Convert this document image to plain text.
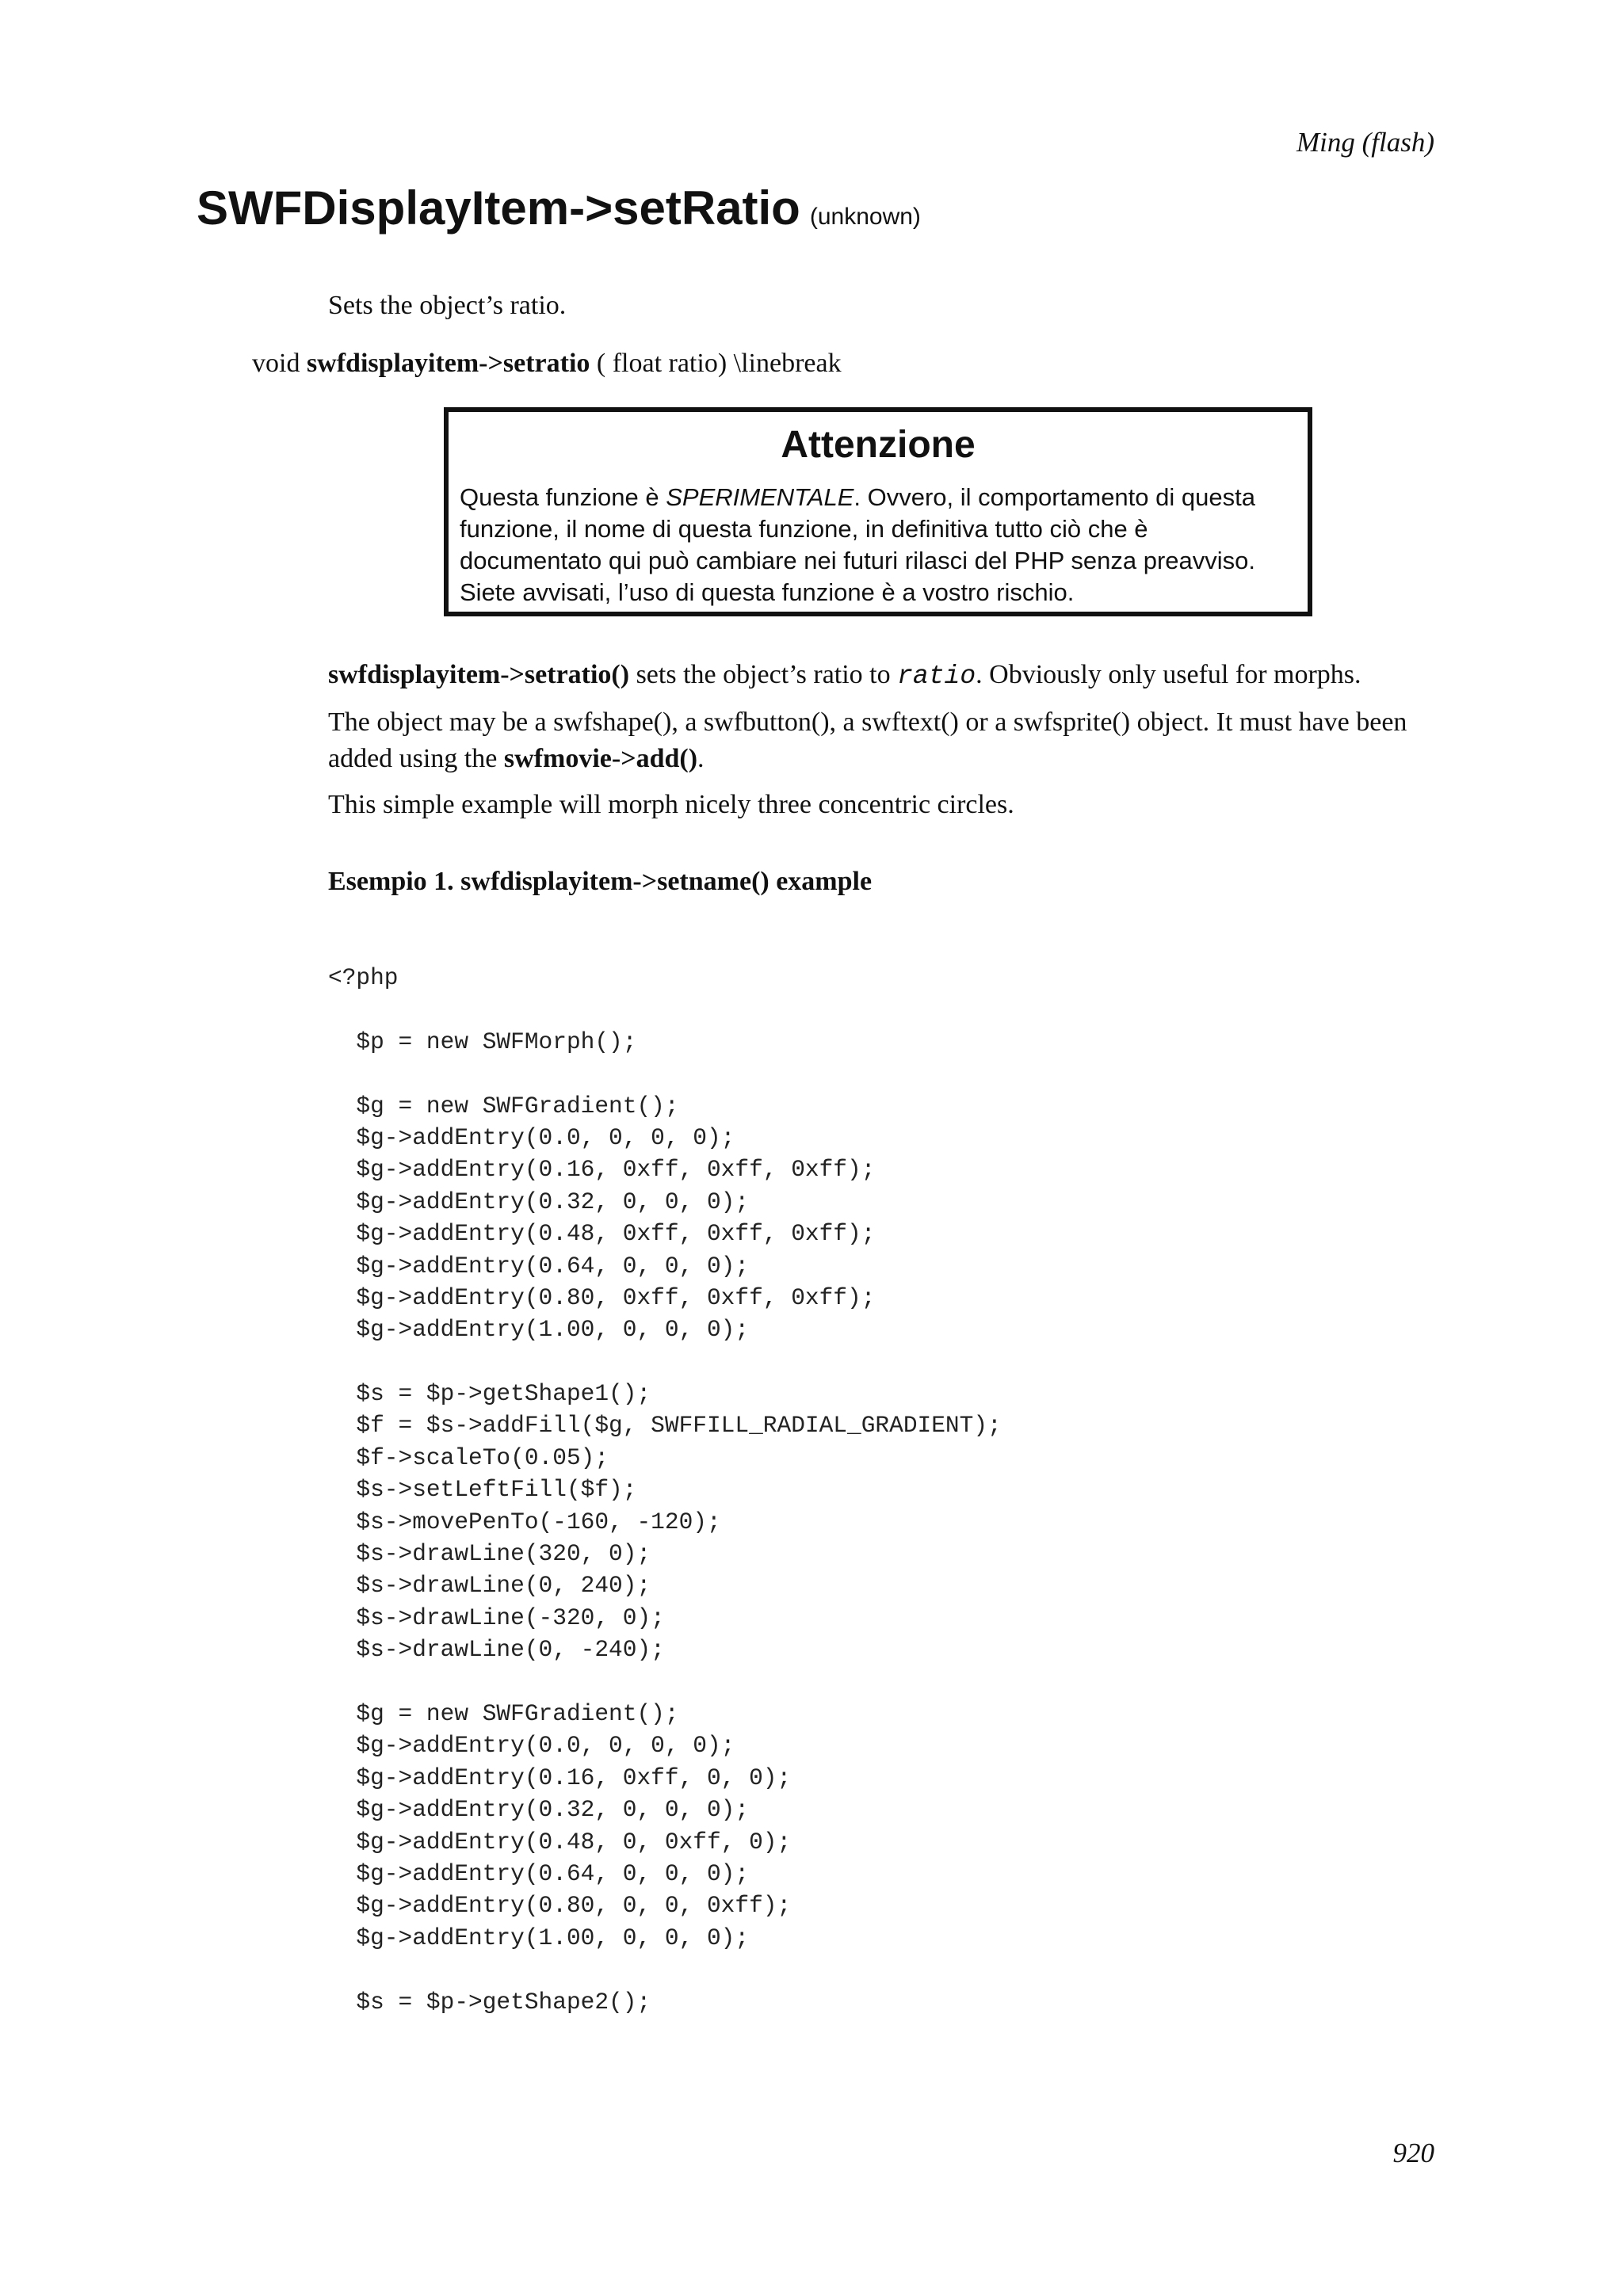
Ming (flash)
SWFDisplayItem->setRatio (unknown)
Sets the object’s ratio.
void swfdisplayitem->setratio ( float ratio) \linebreak
Attenzione

Questa funzione è SPERIMENTALE. Ovvero, il comportamento di questa funzione, il nome di questa funzione, in definitiva tutto ciò che è documentato qui può cambiare nei futuri rilasci del PHP senza preavviso. Siete avvisati, l’uso di questa funzione è a vostro rischio.

swfdisplayitem->setratio() sets the object’s ratio to ratio. Obviously only useful for morphs.

The object may be a swfshape(), a swfbutton(), a swftext() or a swfsprite() object. It must have been added using the swfmovie->add().

This simple example will morph nicely three concentric circles.

Esempio 1. swfdisplayitem->setname() example

<?php
$p = new SWFMorph();
$g = new SWFGradient();
$g->addEntry(0.0, 0, 0, 0);
$g->addEntry(0.16, 0xff, 0xff, 0xff);
$g->addEntry(0.32, 0, 0, 0);
$g->addEntry(0.48, 0xff, 0xff, 0xff);
$g->addEntry(0.64, 0, 0, 0);
$g->addEntry(0.80, 0xff, 0xff, 0xff);
$g->addEntry(1.00, 0, 0, 0);
$s = $p->getShape1();
$f = $s->addFill($g, SWFFILL_RADIAL_GRADIENT);
$f->scaleTo(0.05);
$s->setLeftFill($f);
$s->movePenTo(-160, -120);
$s->drawLine(320, 0);
$s->drawLine(0, 240);
$s->drawLine(-320, 0);
$s->drawLine(0, -240);
$g = new SWFGradient();
$g->addEntry(0.0, 0, 0, 0);
$g->addEntry(0.16, 0xff, 0, 0);
$g->addEntry(0.32, 0, 0, 0);
$g->addEntry(0.48, 0, 0xff, 0);
$g->addEntry(0.64, 0, 0, 0);
$g->addEntry(0.80, 0, 0, 0xff);
$g->addEntry(1.00, 0, 0, 0);
$s = $p->getShape2();
920
